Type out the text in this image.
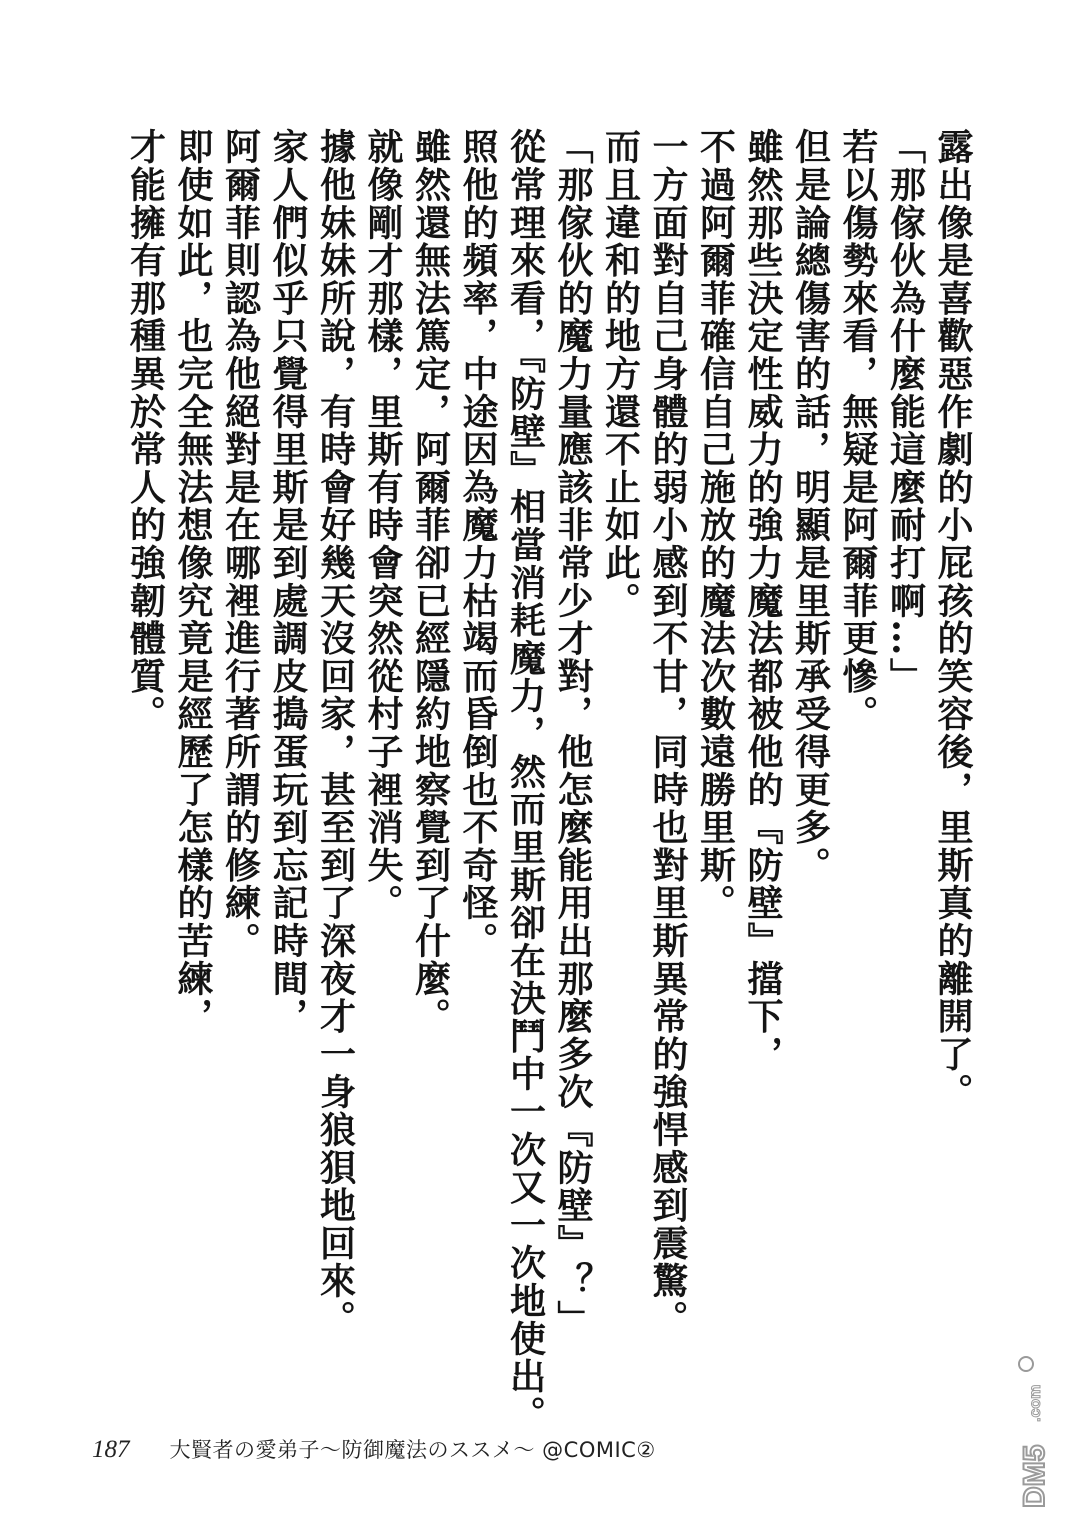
露出像是喜歡惡作劇的小屁孩的笑容後，里斯真的離開了。
「那傢伙為什麼能這麼耐打啊…」
若以傷勢來看，無疑是阿爾菲更慘。
但是論總傷害的話，明顯是里斯承受得更多。
雖然那些決定性威力的強力魔法都被他的『防壁』擋下，
不過阿爾菲確信自己施放的魔法次數遠勝里斯。
一方面對自己身體的弱小感到不甘，同時也對里斯異常的強悍感到震驚。
而且違和的地方還不止如此。
「那傢伙的魔力量應該非常少才對，他怎麼能用出那麼多次『防壁』？」
從常理來看，『防壁』相當消耗魔力，然而里斯卻在決鬥中一次又一次地使出。
照他的頻率，中途因為魔力枯竭而昏倒也不奇怪。
雖然還無法篤定，阿爾菲卻已經隱約地察覺到了什麼。
就像剛才那樣，里斯有時會突然從村子裡消失。
據他妹妹所說，有時會好幾天沒回家，甚至到了深夜才一身狼狽地回來。
家人們似乎只覺得里斯是到處調皮搗蛋玩到忘記時間，
阿爾菲則認為他絕對是在哪裡進行著所謂的修練。
即使如此，也完全無法想像究竟是經歷了怎樣的苦練，
才能擁有那種異於常人的強韌體質。
187 大賢者の愛弟子～防御魔法のススメ～ @COMIC②	DM5
.com
